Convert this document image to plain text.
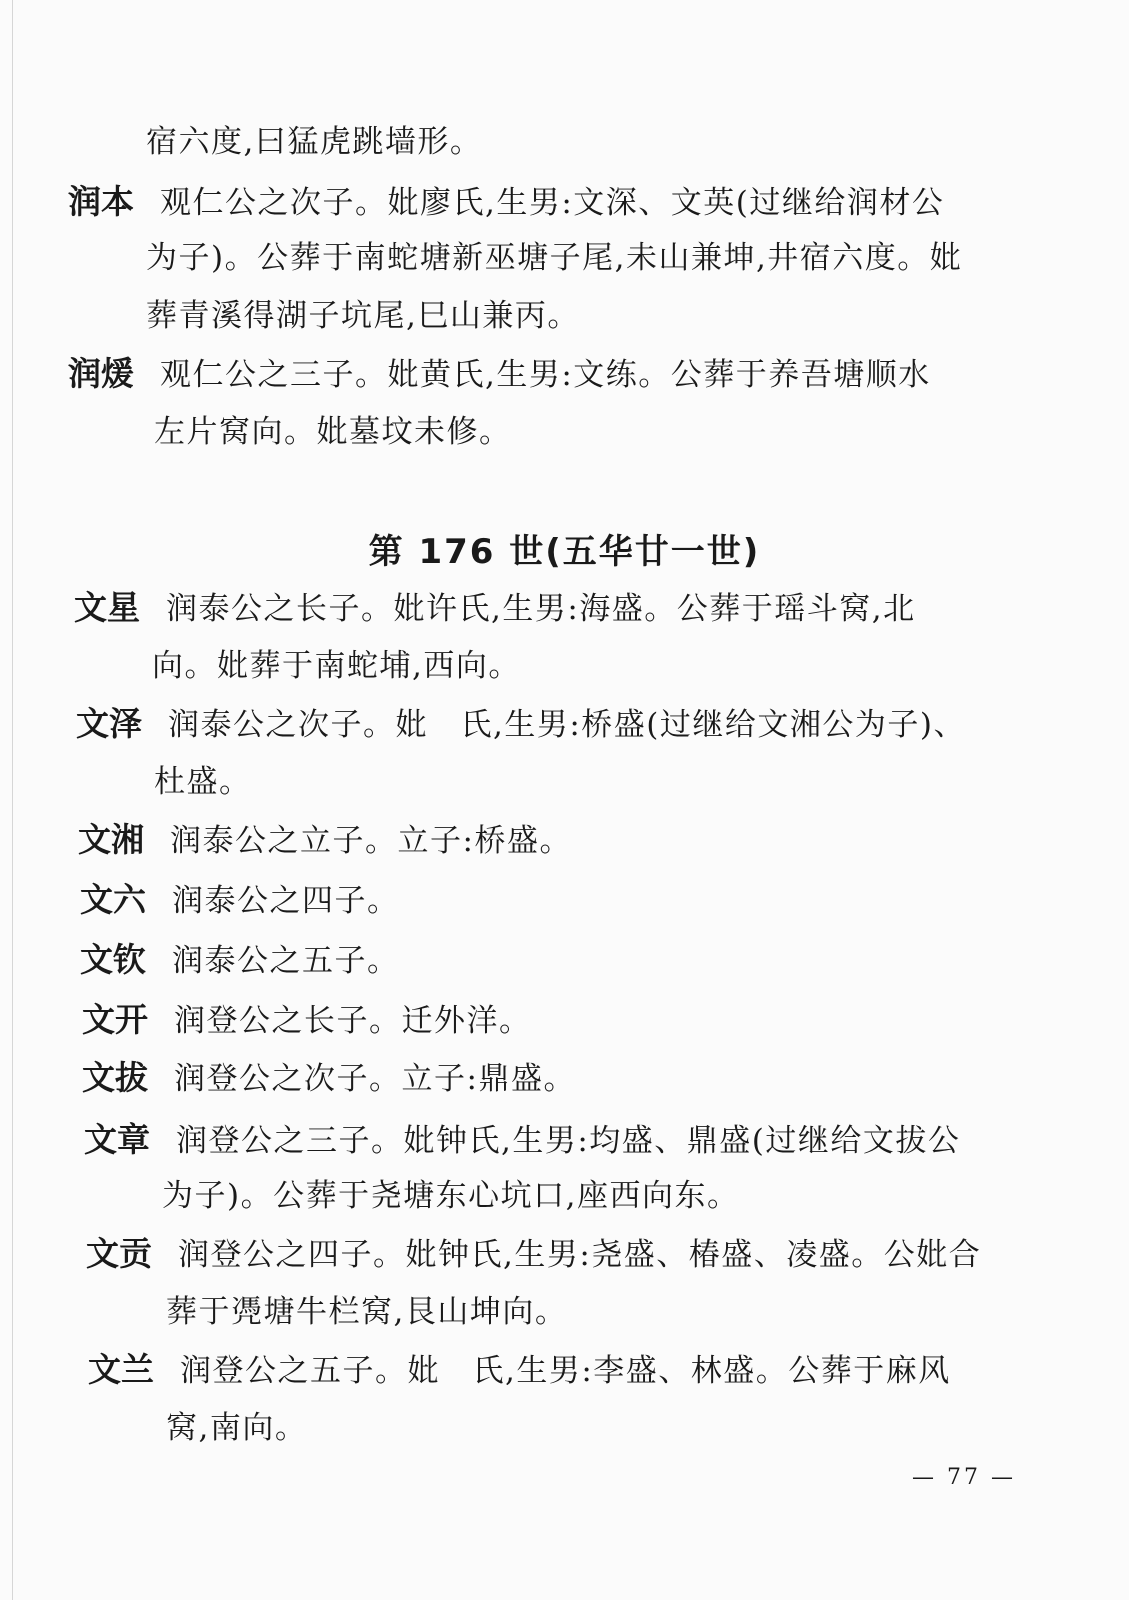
宿六度,曰猛虎跳墙形。
润本 观仁公之次子。妣廖氏,生男:文深、文英(过继给润材公
为子)。公葬于南蛇塘新巫塘子尾,未山兼坤,井宿六度。妣
葬青溪得湖子坑尾,巳山兼丙。
润煖 观仁公之三子。妣黄氏,生男:文练。公葬于养吾塘顺水
左片窝向。妣墓坟未修。
第 176 世(五华廿一世)
文星 润泰公之长子。妣许氏,生男:海盛。公葬于瑶斗窝,北
向。妣葬于南蛇埔,西向。
文泽 润泰公之次子。妣　氏,生男:桥盛(过继给文湘公为子)、
杜盛。
文湘 润泰公之立子。立子:桥盛。
文六 润泰公之四子。
文钦 润泰公之五子。
文开 润登公之长子。迁外洋。
文拔 润登公之次子。立子:鼎盛。
文章 润登公之三子。妣钟氏,生男:均盛、鼎盛(过继给文拔公
为子)。公葬于尧塘东心坑口,座西向东。
文贡 润登公之四子。妣钟氏,生男:尧盛、椿盛、凌盛。公妣合
葬于凴塘牛栏窝,艮山坤向。
文兰 润登公之五子。妣　氏,生男:李盛、林盛。公葬于麻风
窝,南向。
— 77 —
